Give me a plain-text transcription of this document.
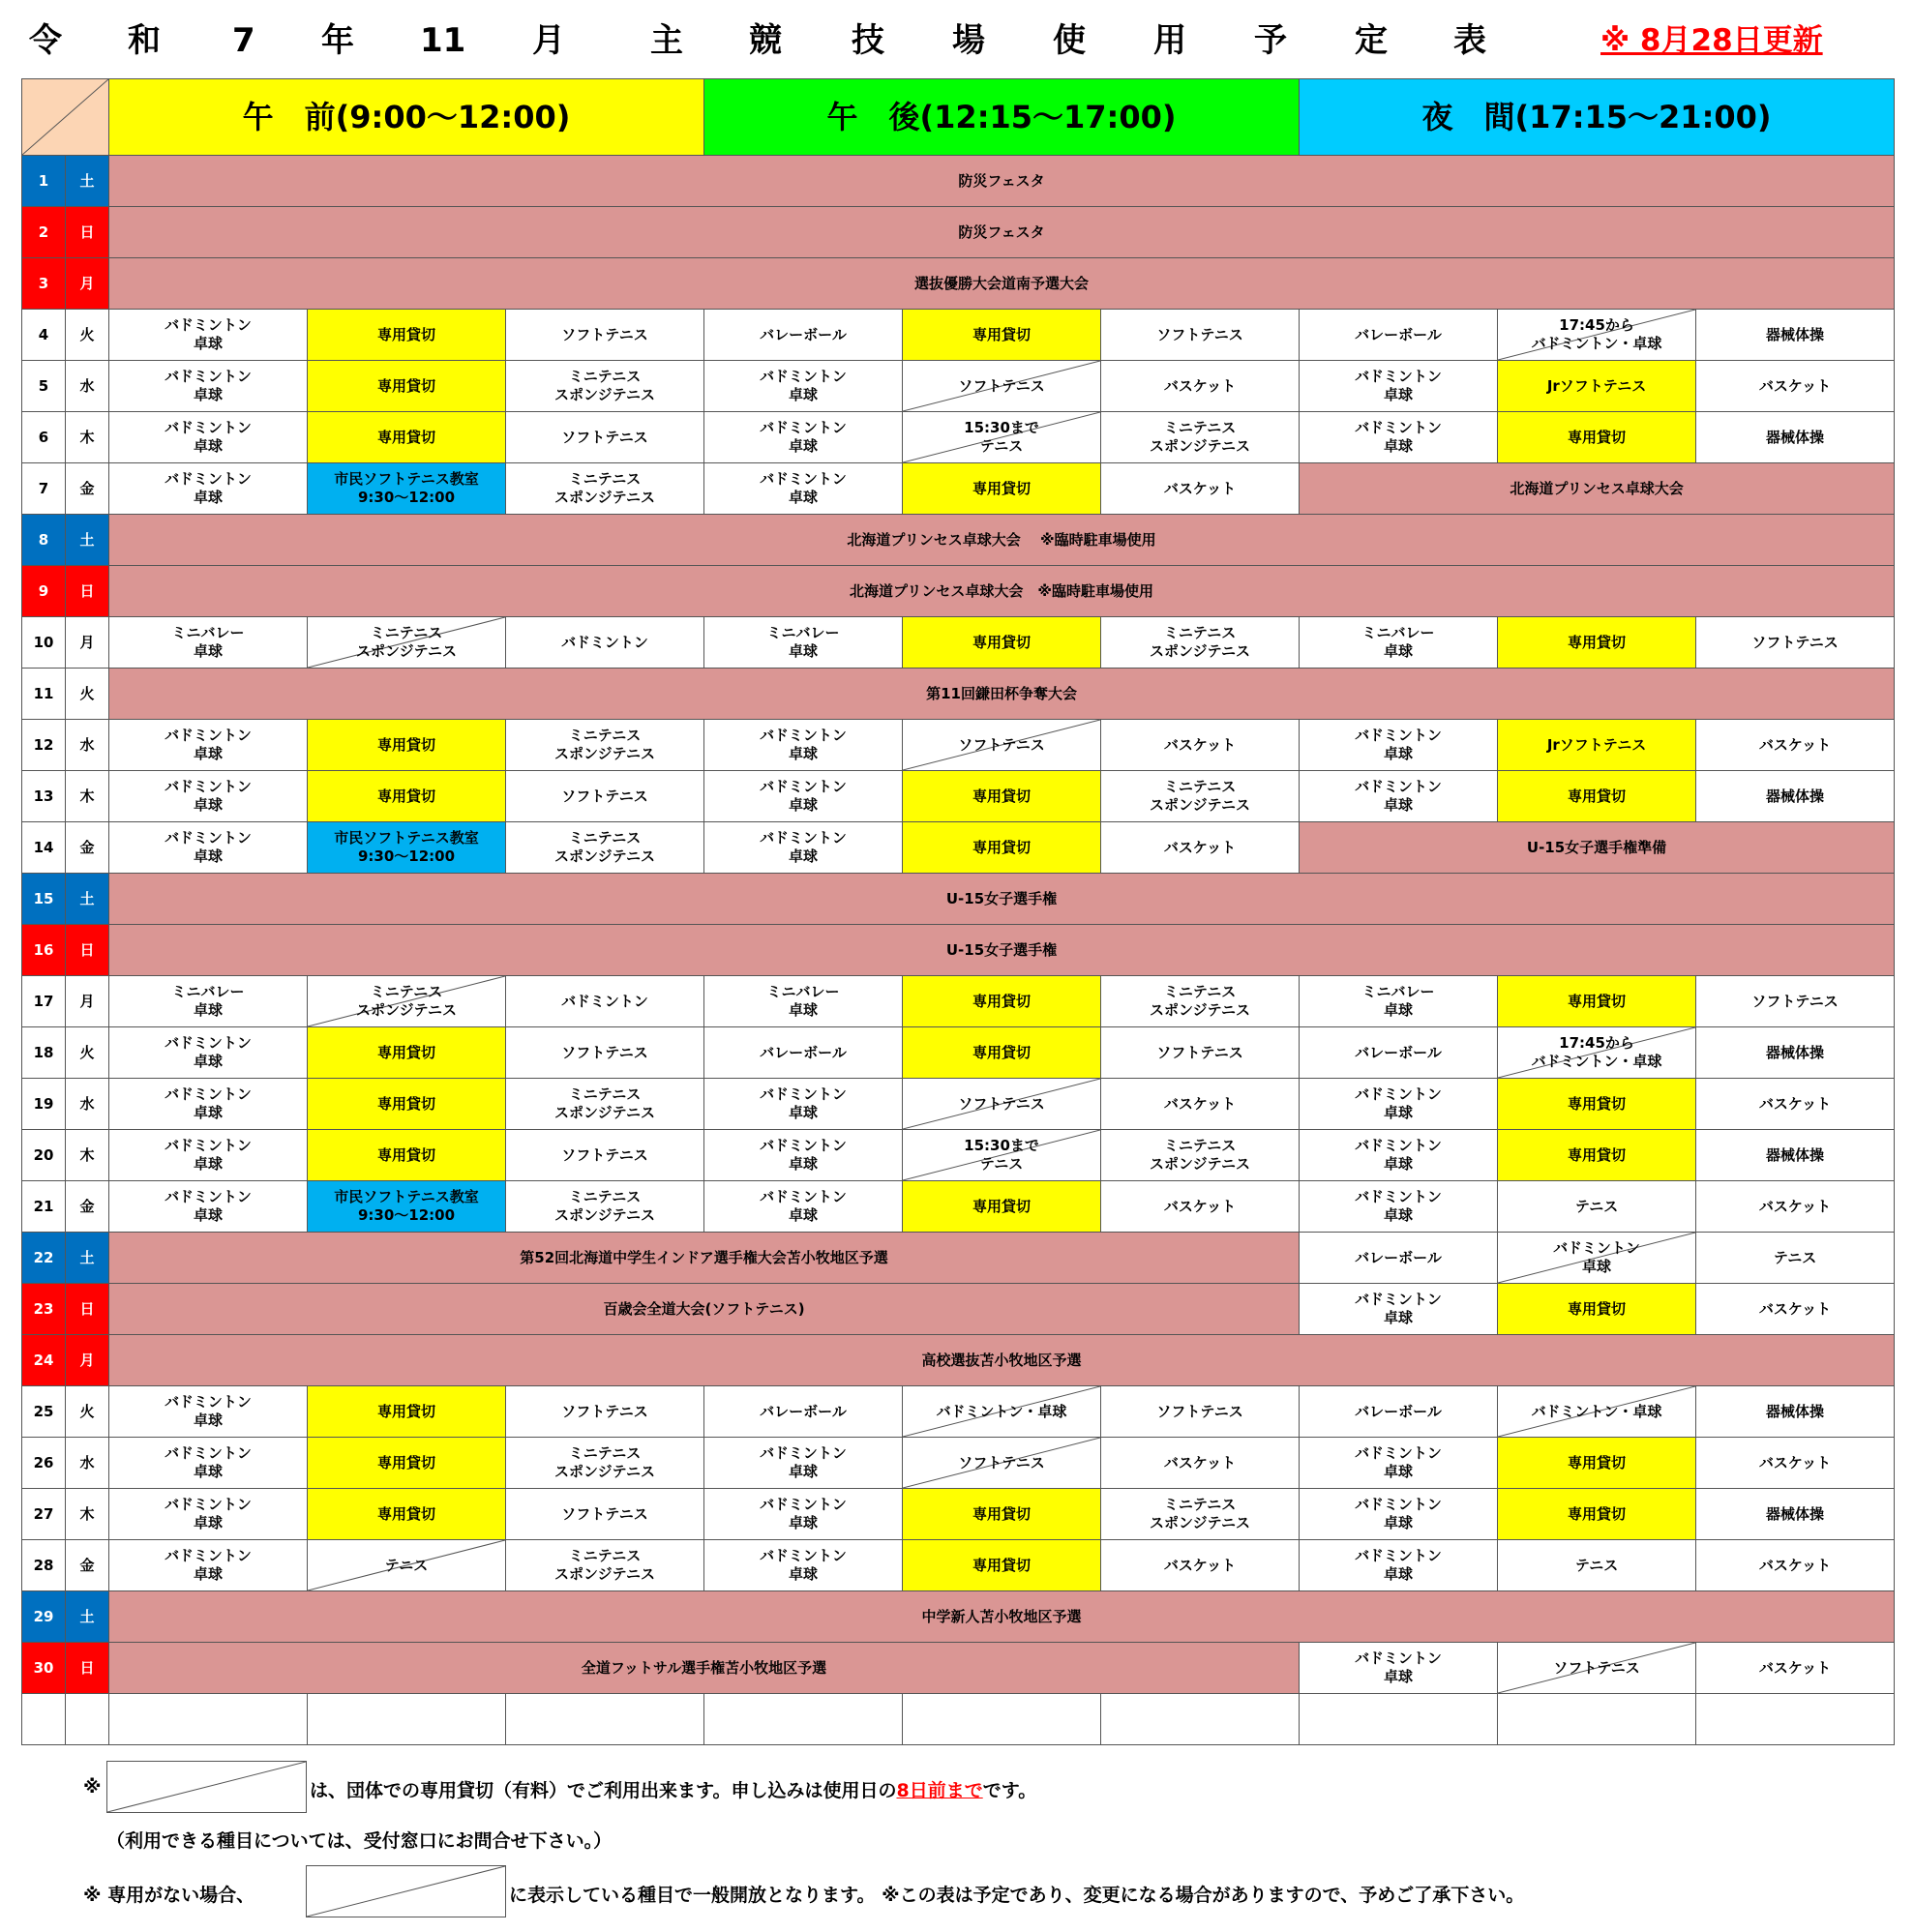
令 和 7 年 11 月	主 競 技 場 使 用 予 定 表	※ 8月28日更新
	午　前(9:00～12:00)			午　後(12:15～17:00)			夜　間(17:15～21:00)		
1	土	防災フェスタ								

2	日	防災フェスタ								

3	月	選抜優勝大会道南予選大会								

4	火	バドミントン
卓球	専用貸切	ソフトテニス	バレーボール	専用貸切	ソフトテニス	バレーボール	17:45から
バドミントン・卓球	器械体操

5	水	バドミントン
卓球	専用貸切	ミニテニス
スポンジテニス	バドミントン
卓球	ソフトテニス	バスケット	バドミントン
卓球	Jrソフトテニス	バスケット

6	木	バドミントン
卓球	専用貸切	ソフトテニス	バドミントン
卓球	15:30まで
テニス	ミニテニス
スポンジテニス	バドミントン
卓球	専用貸切	器械体操

7	金	バドミントン
卓球	市民ソフトテニス教室
9:30～12:00	ミニテニス
スポンジテニス	バドミントン
卓球	専用貸切	バスケット	北海道プリンセス卓球大会		

8	土	北海道プリンセス卓球大会　 ※臨時駐車場使用								

9	日	北海道プリンセス卓球大会　※臨時駐車場使用								

10	月	ミニバレー
卓球	ミニテニス
スポンジテニス	バドミントン	ミニバレー
卓球	専用貸切	ミニテニス
スポンジテニス	ミニバレー
卓球	専用貸切	ソフトテニス

11	火	第11回鎌田杯争奪大会								

12	水	バドミントン
卓球	専用貸切	ミニテニス
スポンジテニス	バドミントン
卓球	ソフトテニス	バスケット	バドミントン
卓球	Jrソフトテニス	バスケット

13	木	バドミントン
卓球	専用貸切	ソフトテニス	バドミントン
卓球	専用貸切	ミニテニス
スポンジテニス	バドミントン
卓球	専用貸切	器械体操

14	金	バドミントン
卓球	市民ソフトテニス教室
9:30～12:00	ミニテニス
スポンジテニス	バドミントン
卓球	専用貸切	バスケット	U-15女子選手権準備		

15	土	U-15女子選手権								

16	日	U-15女子選手権								

17	月	ミニバレー
卓球	ミニテニス
スポンジテニス	バドミントン	ミニバレー
卓球	専用貸切	ミニテニス
スポンジテニス	ミニバレー
卓球	専用貸切	ソフトテニス

18	火	バドミントン
卓球	専用貸切	ソフトテニス	バレーボール	専用貸切	ソフトテニス	バレーボール	17:45から
バドミントン・卓球	器械体操

19	水	バドミントン
卓球	専用貸切	ミニテニス
スポンジテニス	バドミントン
卓球	ソフトテニス	バスケット	バドミントン
卓球	専用貸切	バスケット

20	木	バドミントン
卓球	専用貸切	ソフトテニス	バドミントン
卓球	15:30まで
テニス	ミニテニス
スポンジテニス	バドミントン
卓球	専用貸切	器械体操

21	金	バドミントン
卓球	市民ソフトテニス教室
9:30～12:00	ミニテニス
スポンジテニス	バドミントン
卓球	専用貸切	バスケット	バドミントン
卓球	テニス	バスケット

22	土	第52回北海道中学生インドア選手権大会苫小牧地区予選						バレーボール	バドミントン
卓球	テニス

23	日	百歳会全道大会(ソフトテニス)						バドミントン
卓球	専用貸切	バスケット

24	月	高校選抜苫小牧地区予選								

25	火	バドミントン
卓球	専用貸切	ソフトテニス	バレーボール	バドミントン・卓球	ソフトテニス	バレーボール	バドミントン・卓球	器械体操

26	水	バドミントン
卓球	専用貸切	ミニテニス
スポンジテニス	バドミントン
卓球	ソフトテニス	バスケット	バドミントン
卓球	専用貸切	バスケット

27	木	バドミントン
卓球	専用貸切	ソフトテニス	バドミントン
卓球	専用貸切	ミニテニス
スポンジテニス	バドミントン
卓球	専用貸切	器械体操

28	金	バドミントン
卓球	テニス	ミニテニス
スポンジテニス	バドミントン
卓球	専用貸切	バスケット	バドミントン
卓球	テニス	バスケット

29	土	中学新人苫小牧地区予選								

30	日	全道フットサル選手権苫小牧地区予選						バドミントン
卓球	ソフトテニス	バスケット

※	は、団体での専用貸切（有料）でご利用出来ます。申し込みは使用日の8日前までです。
（利用できる種目については、受付窓口にお問合せ下さい。）
※ 専用がない場合、	に表示している種目で一般開放となります。 ※この表は予定であり、変更になる場合がありますので、予めご了承下さい。
